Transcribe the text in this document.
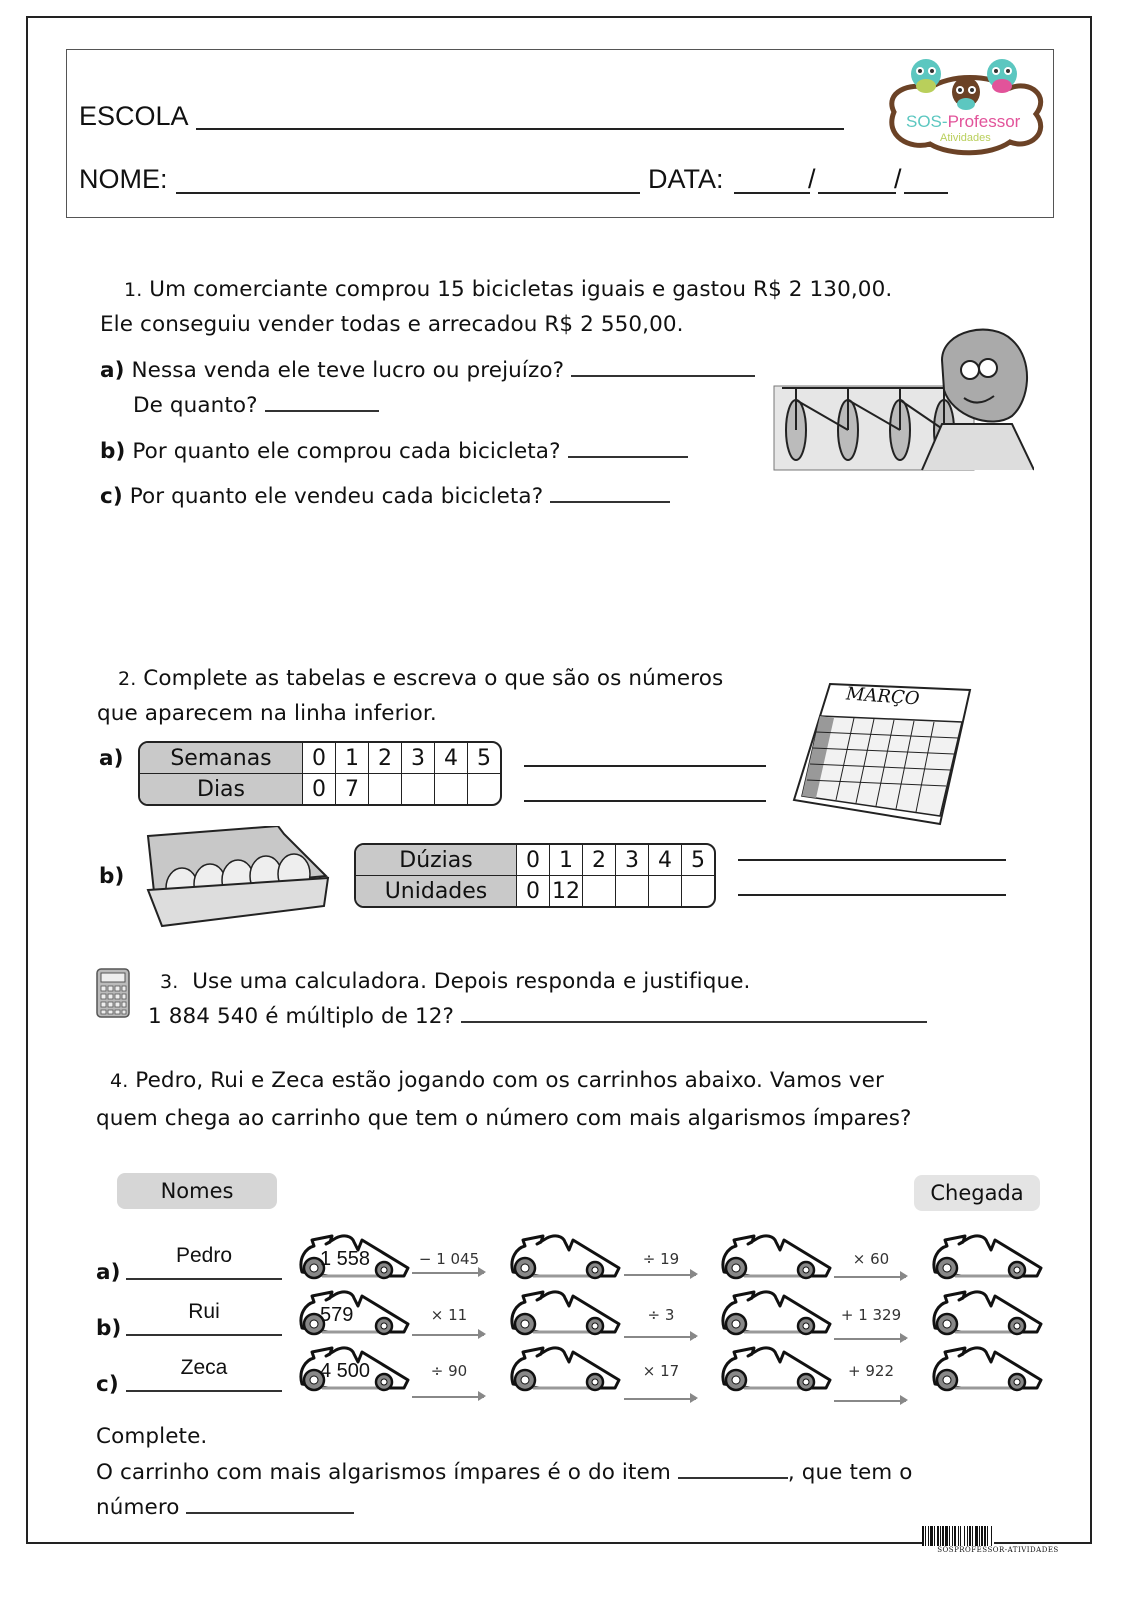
ESCOLA
NOME:	DATA:	/	/
SOS-Professor
Atividades
1. Um comerciante comprou 15 bicicletas iguais e gastou R$ 2 130,00.
Ele conseguiu vender todas e arrecadou R$ 2 550,00.
a) Nessa venda ele teve lucro ou prejuízo?
De quanto?
b) Por quanto ele comprou cada bicicleta?
c) Por quanto ele vendeu cada bicicleta?
2. Complete as tabelas e escreva o que são os números
que aparecem na linha inferior.
a) Semanas	0	1	2	3	4	5
Dias	0	7				
MARÇO
b)
Dúzias	0	1	2	3	4	5
Unidades	0	12				
3. Use uma calculadora. Depois responda e justifique.
1 884 540 é múltiplo de 12?
4. Pedro, Rui e Zeca estão jogando com os carrinhos abaixo. Vamos ver
quem chega ao carrinho que tem o número com mais algarismos ímpares?
Nomes	Chegada
a)
Pedro	1 558	− 1 045	÷ 19	× 60
b)
Rui	579	× 11	÷ 3	+ 1 329
c)
Zeca	4 500	÷ 90	× 17	+ 922
Complete.
O carrinho com mais algarismos ímpares é o do item	, que tem o
número
SOSPROFESSOR-ATIVIDADES
